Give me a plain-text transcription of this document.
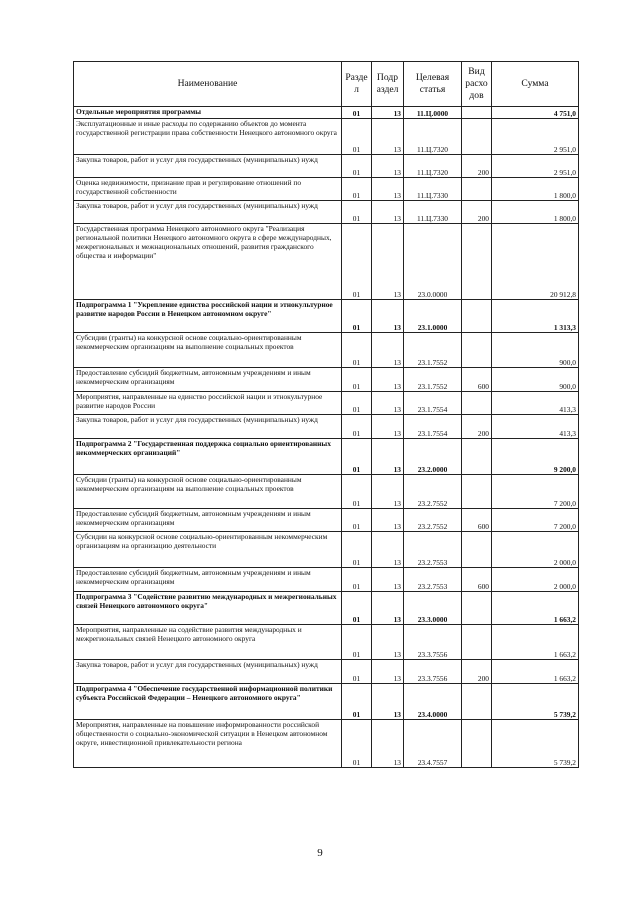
Наименование	Разде л	Подр аздел	Целевая статья	Вид расхо дов	Сумма
Отдельные мероприятия программы	01	13	11.Ц.0000		4 751,0
Эксплуатационные и иные расходы по содержанию объектов до момента государственной регистрации права собственности Ненецкого автономного округа	01	13	11.Ц.7320		2 951,0
Закупка товаров, работ и услуг для государственных (муниципальных) нужд	01	13	11.Ц.7320	200	2 951,0
Оценка недвижимости, признание прав и регулирование отношений по государственной собственности	01	13	11.Ц.7330		1 800,0
Закупка товаров, работ и услуг для государственных (муниципальных) нужд	01	13	11.Ц.7330	200	1 800,0
Государственная программа Ненецкого автономного округа "Реализация региональной политики Ненецкого автономного округа в сфере международных, межрегиональных и межнациональных отношений, развития гражданского общества и информации"	01	13	23.0.0000		20 912,8
Подпрограмма 1 "Укрепление единства российской нации и этнокультурное развитие народов России в Ненецком автономном округе"	01	13	23.1.0000		1 313,3
Субсидии (гранты) на конкурсной основе социально-ориентированным некоммерческим организациям на выполнение социальных проектов	01	13	23.1.7552		900,0
Предоставление субсидий бюджетным, автономным учреждениям и иным некоммерческим организациям	01	13	23.1.7552	600	900,0
Мероприятия, направленные на единство российской нации и этнокультурное развитие народов России	01	13	23.1.7554		413,3
Закупка товаров, работ и услуг для государственных (муниципальных) нужд	01	13	23.1.7554	200	413,3
Подпрограмма 2 "Государственная поддержка социально ориентированных некоммерческих организаций"	01	13	23.2.0000		9 200,0
Субсидии (гранты) на конкурсной основе социально-ориентированным некоммерческим организациям на выполнение социальных проектов	01	13	23.2.7552		7 200,0
Предоставление субсидий бюджетным, автономным учреждениям и иным некоммерческим организациям	01	13	23.2.7552	600	7 200,0
Субсидии на конкурсной основе социально-ориентированным некоммерческим организациям на организацию деятельности	01	13	23.2.7553		2 000,0
Предоставление субсидий бюджетным, автономным учреждениям и иным некоммерческим организациям	01	13	23.2.7553	600	2 000,0
Подпрограмма 3 "Содействие развитию международных и межрегиональных связей Ненецкого автономного округа"	01	13	23.3.0000		1 663,2
Мероприятия, направленные на содействие развития международных и межрегиональных связей Ненецкого автономного округа	01	13	23.3.7556		1 663,2
Закупка товаров, работ и услуг для государственных (муниципальных) нужд	01	13	23.3.7556	200	1 663,2
Подпрограмма 4 "Обеспечение государственной информационной политики субъекта Российской Федерации – Ненецкого автономного округа"	01	13	23.4.0000		5 739,2
Мероприятия, направленные на повышение информированности российской общественности о социально-экономической ситуации в Ненецком автономном округе, инвестиционной привлекательности региона	01	13	23.4.7557		5 739,2
9
